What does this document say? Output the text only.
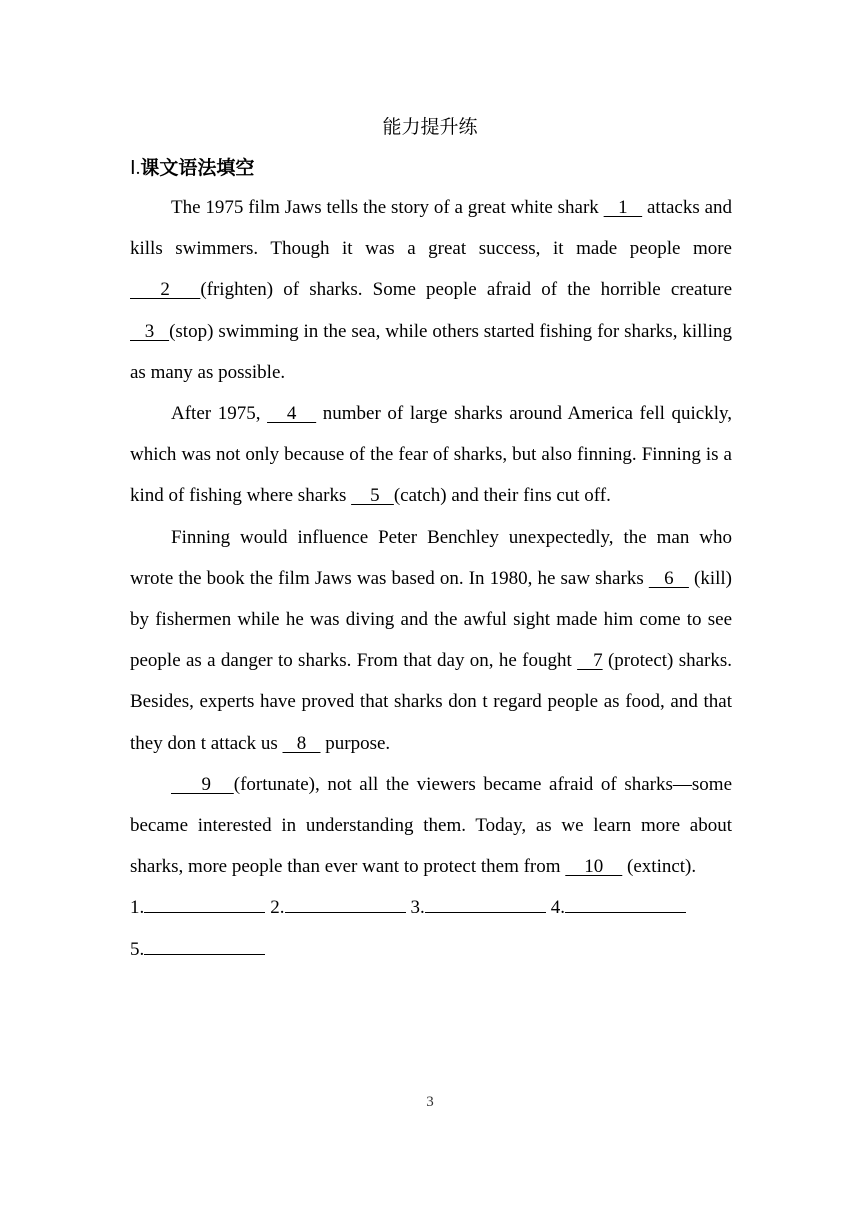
能力提升练
Ⅰ.课文语法填空

The 1975 film Jaws tells the story of a great white shark    1    attacks and kills swimmers. Though it was a great success, it made people more    2   (frighten) of sharks. Some people afraid of the horrible creature    3   (stop) swimming in the sea, while others started fishing for sharks, killing as many as possible.

After 1975,    4    number of large sharks around America fell quickly, which was not only because of the fear of sharks, but also finning. Finning is a kind of fishing where sharks     5   (catch) and their fins cut off.

Finning would influence Peter Benchley unexpectedly, the man who wrote the book the film Jaws was based on. In 1980, he saw sharks    6    (kill) by fishermen while he was diving and the awful sight made him come to see people as a danger to sharks. From that day on, he fought    7 (protect) sharks. Besides, experts have proved that sharks don t regard people as food, and that they don t attack us    8    purpose.

9   (fortunate), not all the viewers became afraid of sharks—some became interested in understanding them. Today, as we learn more about sharks, more people than ever want to protect them from     10     (extinct).

1.	2.	3.	4.

5.

3
